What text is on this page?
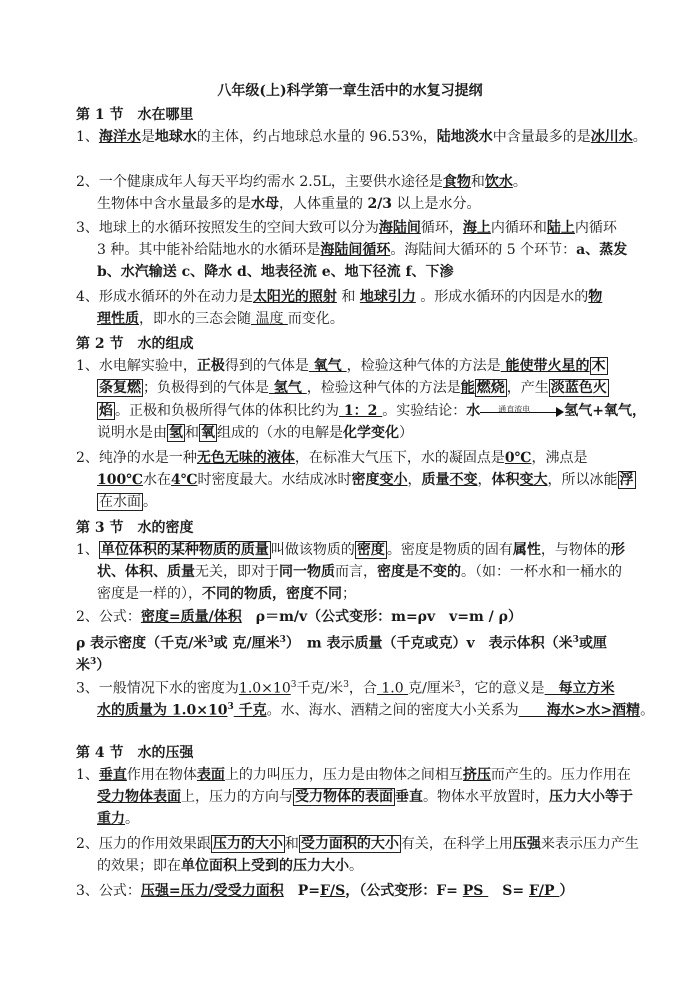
八年级(上)科学第一章生活中的水复习提纲
第 1 节　水在哪里
1、海洋水是地球水的主体，约占地球总水量的 96.53%，陆地淡水中含量最多的是冰川水。
2、一个健康成年人每天平均约需水 2.5L，主要供水途径是食物和饮水。
生物体中含水量最多的是水母，人体重量的 2/3 以上是水分。
3、地球上的水循环按照发生的空间大致可以分为海陆间循环，海上内循环和陆上内循环
3 种。其中能补给陆地水的水循环是海陆间循环。海陆间大循环的 5 个环节：a、蒸发
b、水汽输送 c、降水 d、地表径流 e、地下径流 f、下渗
4、形成水循环的外在动力是太阳光的照射 和 地球引力 。形成水循环的内因是水的物
理性质，即水的三态会随 温度 而变化。
第 2 节　水的组成
1、水电解实验中，正极得到的气体是 氧气 ，检验这种气体的方法是 能使带火星的 木
条复燃 ；负极得到的气体是 氢气 ，检验这种气体的方法是能 燃烧 ，产生 淡蓝色火
焰 。正极和负极所得气体的体积比约为 1：2 。实验结论：水 通直流电 氢气+氧气，
说明水是由 氢 和 氧 组成的（水的电解是化学变化）
2、纯净的水是一种无色无味的液体，在标准大气压下，水的凝固点是0℃，沸点是
100℃水在4℃时密度最大。水结成冰时密度变小，质量不变，体积变大，所以冰能 浮
在水面 。
第 3 节　水的密度
1、 单位体积的某种物质的质量 叫做该物质的 密度 。密度是物质的固有属性，与物体的形
状、体积、质量无关，即对于同一物质而言，密度是不变的。（如：一杯水和一桶水的
密度是一样的），不同的物质，密度不同；
2、公式：密度=质量/体积　ρ＝m/v（公式变形：m=ρv　v=m / ρ）
ρ 表示密度（千克/米$^3$或 克/厘米$^3$）　m 表示质量（千克或克）v　表示体积（米$^3$或厘
米$^3$）
3、一般情况下水的密度为$1.0\times 10^3$千克/米$^3$，合 1.0 克/厘米$^3$，它的意义是　每立方米
水的质量为 $1.0\times 10^3$ 千克。水、海水、酒精之间的密度大小关系为　　海水>水>酒精。
第 4 节　水的压强
1、垂直作用在物体表面上的力叫压力，压力是由物体之间相互挤压而产生的。压力作用在
受力物体表面上，压力的方向与 受力物体的表面 垂直。物体水平放置时，压力大小等于
重力。
2、压力的作用效果跟 压力的大小 和 受力面积的大小 有关，在科学上用压强来表示压力产生
的效果；即在单位面积上受到的压力大小。
3、公式：压强=压力/受受力面积　P=F/S，（公式变形：F= PS 　S= F/P ）
